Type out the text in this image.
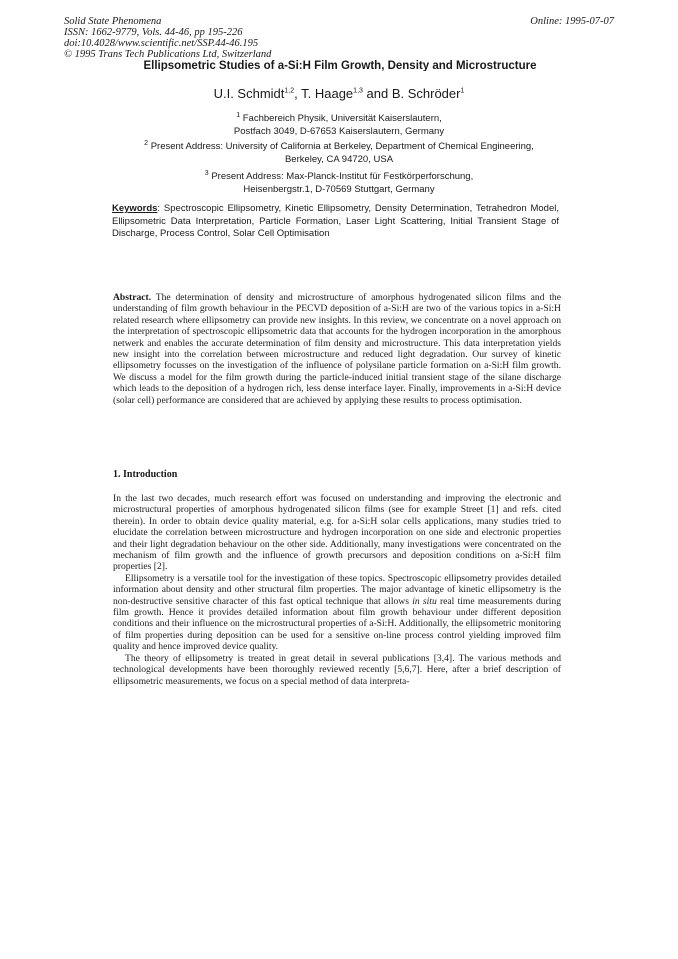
Solid State Phenomena
ISSN: 1662-9779, Vols. 44-46, pp 195-226
doi:10.4028/www.scientific.net/SSP.44-46.195
© 1995 Trans Tech Publications Ltd, Switzerland
Online: 1995-07-07
Ellipsometric Studies of a-Si:H Film Growth, Density and Microstructure
U.I. Schmidt$^{1,2}$, T. Haage$^{1,3}$ and B. Schröder$^1$
$^1$ Fachbereich Physik, Universität Kaiserslautern,
Postfach 3049, D-67653 Kaiserslautern, Germany
$^2$ Present Address: University of California at Berkeley, Department of Chemical Engineering,
Berkeley, CA 94720, USA
$^3$ Present Address: Max-Planck-Institut für Festkörperforschung,
Heisenbergstr.1, D-70569 Stuttgart, Germany
Keywords: Spectroscopic Ellipsometry, Kinetic Ellipsometry, Density Determination, Tetrahedron Model, Ellipsometric Data Interpretation, Particle Formation, Laser Light Scattering, Initial Transient Stage of Discharge, Process Control, Solar Cell Optimisation
Abstract. The determination of density and microstructure of amorphous hydrogenated silicon films and the understanding of film growth behaviour in the PECVD deposition of a-Si:H are two of the various topics in a-Si:H related research where ellipsometry can provide new insights. In this review, we concentrate on a novel approach on the interpretation of spectroscopic ellipsometric data that accounts for the hydrogen incorporation in the amorphous netwerk and enables the accurate determination of film density and microstructure. This data interpretation yields new insight into the correlation between microstructure and reduced light degradation. Our survey of kinetic ellipsometry focusses on the investigation of the influence of polysilane particle formation on a-Si:H film growth. We discuss a model for the film growth during the particle-induced initial transient stage of the silane discharge which leads to the deposition of a hydrogen rich, less dense interface layer. Finally, improvements in a-Si:H device (solar cell) performance are considered that are achieved by applying these results to process optimisation.
1. Introduction

In the last two decades, much research effort was focused on understanding and improving the electronic and microstructural properties of amorphous hydrogenated silicon films (see for example Street [1] and refs. cited therein). In order to obtain device quality material, e.g. for a-Si:H solar cells applications, many studies tried to elucidate the correlation between microstructure and hydrogen incorporation on one side and electronic properties and their light degradation behaviour on the other side. Additionally, many investigations were concentrated on the mechanism of film growth and the influence of growth precursors and deposition conditions on a-Si:H film properties [2].

Ellipsometry is a versatile tool for the investigation of these topics. Spectroscopic ellipsometry provides detailed information about density and other structural film properties. The major advantage of kinetic ellipsometry is the non-destructive sensitive character of this fast optical technique that allows in situ real time measurements during film growth. Hence it provides detailed information about film growth behaviour under different deposition conditions and their influence on the microstructural properties of a-Si:H. Additionally, the ellipsometric monitoring of film properties during deposition can be used for a sensitive on-line process control yielding improved film quality and hence improved device quality.

The theory of ellipsometry is treated in great detail in several publications [3,4]. The various methods and technological developments have been thoroughly reviewed recently [5,6,7]. Here, after a brief description of ellipsometric measurements, we focus on a special method of data interpreta-
